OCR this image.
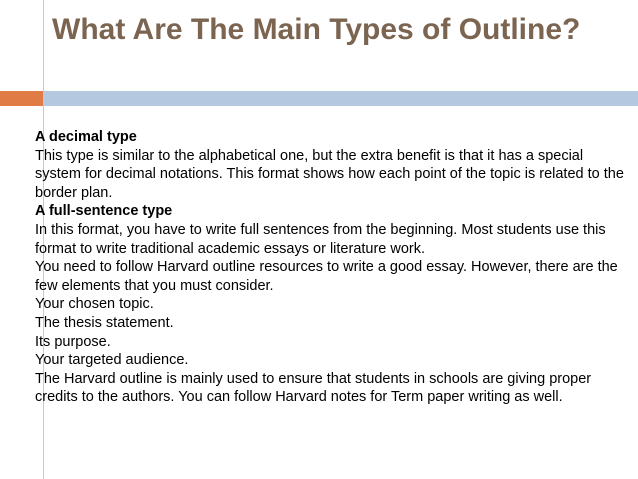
What Are The Main Types of Outline?

A decimal type

This type is similar to the alphabetical one, but the extra benefit is that it has a special system for decimal notations. This format shows how each point of the topic is related to the border plan.

A full-sentence type

In this format, you have to write full sentences from the beginning. Most students use this format to write traditional academic essays or literature work.

You need to follow Harvard outline resources to write a good essay. However, there are the few elements that you must consider.

Your chosen topic.

The thesis statement.

Its purpose.

Your targeted audience.

The Harvard outline is mainly used to ensure that students in schools are giving proper credits to the authors. You can follow Harvard notes for Term paper writing as well.
